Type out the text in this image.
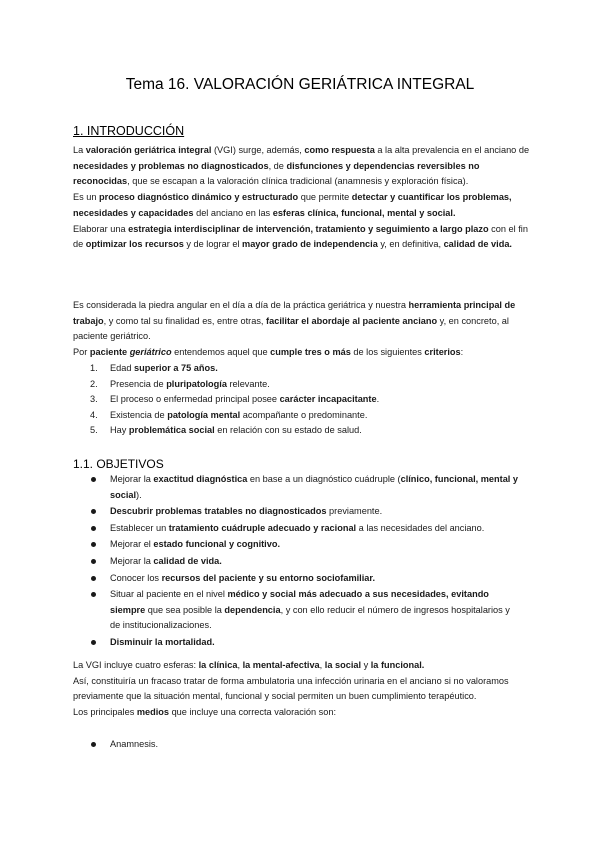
Tema 16. VALORACIÓN GERIÁTRICA INTEGRAL
1. INTRODUCCIÓN

La valoración geriátrica integral (VGI) surge, además, como respuesta a la alta prevalencia en el anciano de necesidades y problemas no diagnosticados, de disfunciones y dependencias reversibles no reconocidas, que se escapan a la valoración clínica tradicional (anamnesis y exploración física).

Es un proceso diagnóstico dinámico y estructurado que permite detectar y cuantificar los problemas, necesidades y capacidades del anciano en las esferas clínica, funcional, mental y social.

Elaborar una estrategia interdisciplinar de intervención, tratamiento y seguimiento a largo plazo con el fin de optimizar los recursos y de lograr el mayor grado de independencia y, en definitiva, calidad de vida.

Es considerada la piedra angular en el día a día de la práctica geriátrica y nuestra herramienta principal de trabajo, y como tal su finalidad es, entre otras, facilitar el abordaje al paciente anciano y, en concreto, al paciente geriátrico.

Por paciente geriátrico entendemos aquel que cumple tres o más de los siguientes criterios:

1. Edad superior a 75 años.
2. Presencia de pluripatología relevante.
3. El proceso o enfermedad principal posee carácter incapacitante.
4. Existencia de patología mental acompañante o predominante.
5. Hay problemática social en relación con su estado de salud.
1.1. OBJETIVOS
Mejorar la exactitud diagnóstica en base a un diagnóstico cuádruple (clínico, funcional, mental y social).
Descubrir problemas tratables no diagnosticados previamente.
Establecer un tratamiento cuádruple adecuado y racional a las necesidades del anciano.
Mejorar el estado funcional y cognitivo.
Mejorar la calidad de vida.
Conocer los recursos del paciente y su entorno sociofamiliar.
Situar al paciente en el nivel médico y social más adecuado a sus necesidades, evitando siempre que sea posible la dependencia, y con ello reducir el número de ingresos hospitalarios y de institucionalizaciones.
Disminuir la mortalidad.

La VGI incluye cuatro esferas: la clínica, la mental-afectiva, la social y la funcional.

Así, constituiría un fracaso tratar de forma ambulatoria una infección urinaria en el anciano si no valoramos previamente que la situación mental, funcional y social permiten un buen cumplimiento terapéutico.

Los principales medios que incluye una correcta valoración son:

Anamnesis.
